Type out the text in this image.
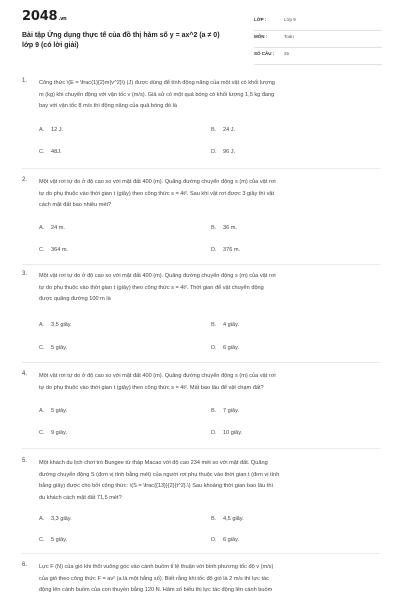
2048.vn
Bài tập Ứng dụng thực tế của đồ thị hàm số y = ax^2 (a ≠ 0)
lớp 9 (có lời giải)
LỚP :	Lớp 9
MÔN :	Toán
SỐ CÂU : 25
1. Công thức \(E = \frac{1}{2}m{v^2}\) (J) được dùng để tính động năng của một vật có khối lượng
m (kg) khi chuyển động với vận tốc v (m/s). Giả sử có một quả bóng có khối lượng 1,5 kg đang
bay với vận tốc 8 m/s thì động năng của quả bóng đó là
A. 12 J.	B. 24 J.
C. 48J.	D. 96 J.
2. Một vật rơi tự do ở độ cao so với mặt đất 400 (m). Quãng đường chuyển động s (m) của vật rơi
tự do phụ thuộc vào thời gian t (giây) theo công thức s = 4t². Sau khi vật rơi được 3 giây thì vật
cách mặt đất bao nhiêu mét?
A. 24 m.	B. 36 m.
C. 364 m.	D. 376 m.
3. Một vật rơi tự do ở độ cao so với mặt đất 400 (m). Quãng đường chuyển động s (m) của vật rơi
tự do phụ thuộc vào thời gian t (giây) theo công thức s = 4t². Thời gian để vật chuyển động
được quãng đường 100 m là
A. 3,5 giây.	B. 4 giây.
C. 5 giây.	D. 6 giây.
4. Một vật rơi tự do ở độ cao so với mặt đất 400 (m). Quãng đường chuyển động s (m) của vật rơi
tự do phụ thuộc vào thời gian t (giây) theo công thức s = 4t². Mất bao lâu để vật chạm đất?
A. 5 giây.	B. 7 giây.
C. 9 giây.	D. 10 giây.
5. Một khách du lịch chơi trò Bungee từ tháp Macao với độ cao 234 mét so với mặt đất. Quãng
đường chuyển động S (đơn vị tính bằng mét) của người rơi phụ thuộc vào thời gian t (đơn vị tính
bằng giây) được cho bởi công thức: \(S = \frac{{13}}{2}{t^2}.\) Sau khoảng thời gian bao lâu thì
du khách cách mặt đất 71,5 mét?
A. 3,3 giây.	B. 4,5 giây.
C. 5 giây.	D. 6 giây.
6. Lực F (N) của gió khi thổi vuông góc vào cánh buồm tỉ lệ thuận với bình phương tốc độ v (m/s)
của gió theo công thức F = av² (a là một hằng số). Biết rằng khi tốc độ gió là 2 m/s thì lực tác
động lên cánh buồm của con thuyền bằng 120 N. Hãm số biểu thị lực tác động lên cánh buồm
